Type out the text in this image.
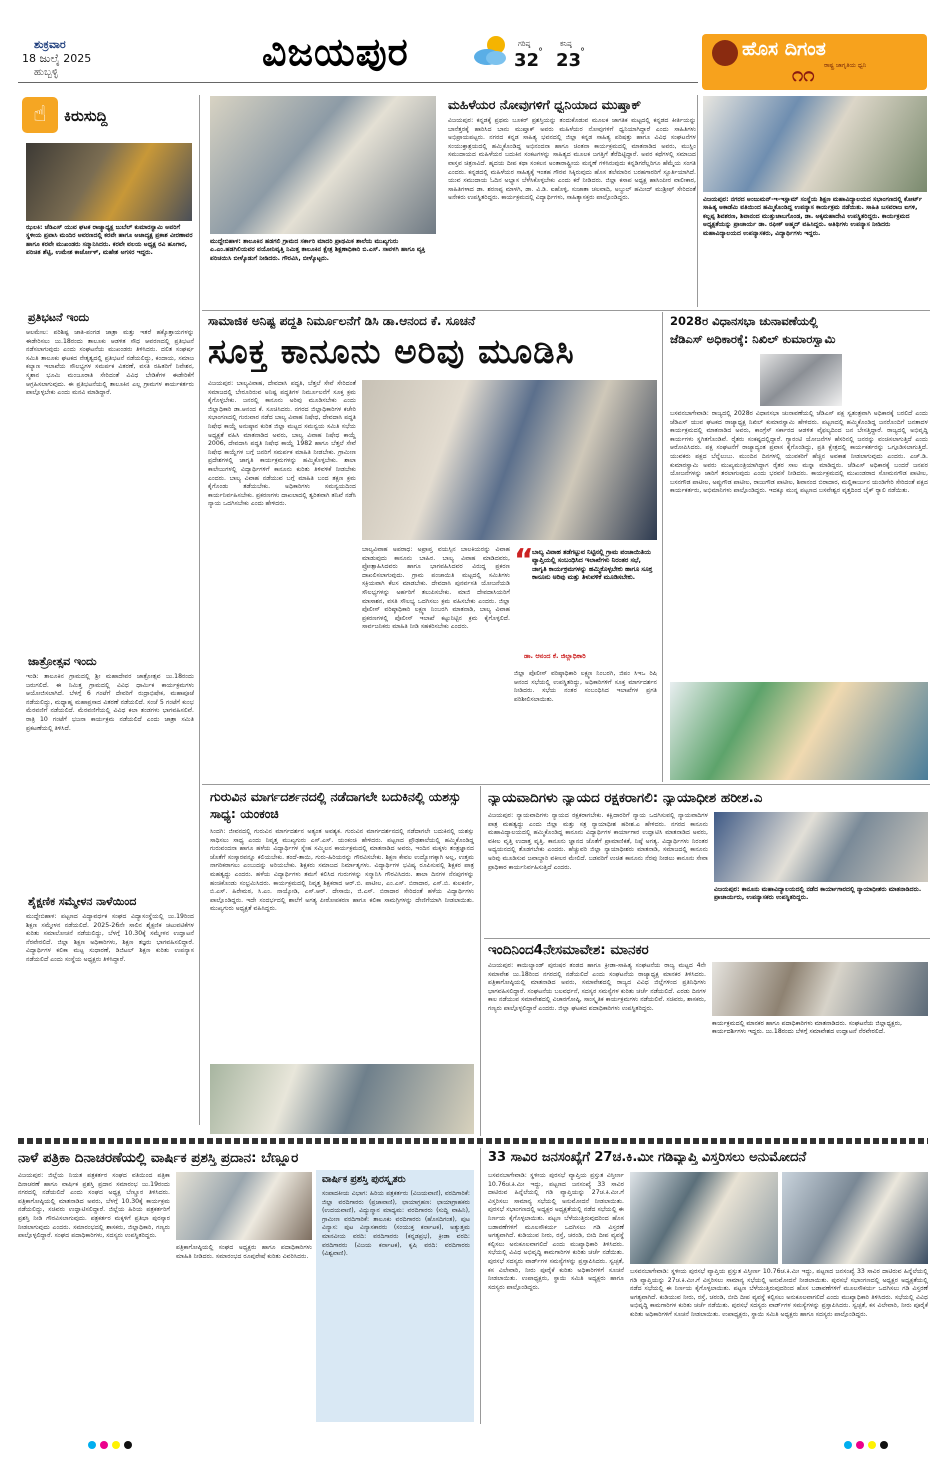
ಶುಕ್ರವಾರ
18 ಜುಲೈ 2025
ಹುಬ್ಬಳ್ಳಿ	ವಿಜಯಪುರ	ಗರಿಷ್ಠ
32
°
ಕನಿಷ್ಠ
23
°	ಹೊಸ ದಿಗಂತ
ರಾಷ್ಟ್ರ ಜಾಗೃತಿಯ ಧ್ವನಿ
೧೧
☝	ಕಿರುಸುದ್ದಿ
ಝಲಕಿ: ಜೆಡಿಎಸ್ ಯುವ ಘಟಕ ರಾಜ್ಯಾಧ್ಯಕ್ಷ ಜುಬೆಲ್ ಕುಮಾರಸ್ವಾಮಿ ಅವರಿಗೆ ಸ್ಥಳೀಯ ಪ್ರವಾಸಿ ಮಂದಿರ ಆವರಣದಲ್ಲಿ ಕರವೇ ಹಾಗೂ ಅಜಾದ್ಯಕ್ಷ ಪ್ರಕಾಶ ವೀರಣಾವರ ಹಾಗೂ ಕರವೇ ಮುಖಂಡರು ಸನ್ಮಾನಿಸಿದರು. ಕರವೇ ವಲಯ ಅಧ್ಯಕ್ಷ ರವಿ ಹೂಗಾರ, ಪರಿಚಿತ ಶೆಟ್ಟಿ, ಉಮೇಶ ಕಾರ್ಜೋಳ್, ಮಹೇಶ ಅಗಸರ ಇದ್ದರು.
ಪ್ರತಿಭಟನೆ ಇಂದು
ಆಲಮೇಲ: ಪರಿಶಿಷ್ಟ ಜಾತಿ-ಪಂಗಡ ಜಾತ್ರಾ ಮತ್ತು ಇತರೆ ಹಕ್ಕೊತ್ತಾಯಗಳನ್ನು ಈಡೇರಿಸಲು ಜು.18ರಂದು ತಾಲೂಕು ಆಡಳಿತ ಸೌಧ ಆವರಣದಲ್ಲಿ ಪ್ರತಿಭಟನೆ ನಡೆಸಲಾಗುವುದು ಎಂದು ಸಂಘಟನೆಯ ಮುಖಂಡರು ತಿಳಿಸಿದರು. ದಲಿತ ಸಂಘರ್ಷ ಸಮಿತಿ ತಾಲೂಕು ಘಟಕದ ನೇತೃತ್ವದಲ್ಲಿ ಪ್ರತಿಭಟನೆ ನಡೆಯಲಿದ್ದು, ಕಂದಾಯ, ಸಮಾಜ ಕಲ್ಯಾಣ ಇಲಾಖೆಯ ಸೌಲಭ್ಯಗಳ ಸಮರ್ಪಕ ವಿತರಣೆ, ವಸತಿ ರಹಿತರಿಗೆ ನಿವೇಶನ, ಸ್ಮಶಾನ ಭೂಮಿ ಮಂಜೂರಾತಿ ಸೇರಿದಂತೆ ವಿವಿಧ ಬೇಡಿಕೆಗಳ ಈಡೇರಿಕೆಗೆ ಆಗ್ರಹಿಸಲಾಗುವುದು. ಈ ಪ್ರತಿಭಟನೆಯಲ್ಲಿ ತಾಲೂಕಿನ ಎಲ್ಲ ಗ್ರಾಮಗಳ ಕಾರ್ಯಕರ್ತರು ಪಾಲ್ಗೊಳ್ಳಬೇಕು ಎಂದು ಮನವಿ ಮಾಡಿದ್ದಾರೆ.
ಜಾತ್ರೋತ್ಸವ ಇಂದು
ಇಂಡಿ: ತಾಲೂಕಿನ ಗ್ರಾಮದಲ್ಲಿ ಶ್ರೀ ಮಹಾದೇವರ ಜಾತ್ರೋತ್ಸವ ಜು.18ರಂದು ಜರುಗಲಿದೆ. ಈ ನಿಮಿತ್ತ ಗ್ರಾಮದಲ್ಲಿ ವಿವಿಧ ಧಾರ್ಮಿಕ ಕಾರ್ಯಕ್ರಮಗಳು ಆಯೋಜಿಸಲಾಗಿದೆ. ಬೆಳಗ್ಗೆ 6 ಗಂಟೆಗೆ ದೇವರಿಗೆ ರುದ್ರಾಭಿಷೇಕ, ಮಹಾಪೂಜೆ ನಡೆಯಲಿದ್ದು, ಮಧ್ಯಾಹ್ನ ಮಹಾಪ್ರಸಾದ ವಿತರಣೆ ನಡೆಯಲಿದೆ. ಸಂಜೆ 5 ಗಂಟೆಗೆ ಕುಂಭ ಮೆರವಣಿಗೆ ನಡೆಯಲಿದೆ. ಮೆರವಣಿಗೆಯಲ್ಲಿ ವಿವಿಧ ಕಲಾ ತಂಡಗಳು ಭಾಗವಹಿಸಲಿವೆ. ರಾತ್ರಿ 10 ಗಂಟೆಗೆ ಭಜನಾ ಕಾರ್ಯಕ್ರಮ ನಡೆಯಲಿದೆ ಎಂದು ಜಾತ್ರಾ ಸಮಿತಿ ಪ್ರಕಟಣೆಯಲ್ಲಿ ತಿಳಿಸಿದೆ.
ಶೈಕ್ಷಣಿಕ ಸಮ್ಮೇಳನ ನಾಳೆಯಿಂದ
ಮುದ್ದೇಬಿಹಾಳ: ಪಟ್ಟಣದ ವಿದ್ಯಾವರ್ಧಕ ಸಂಘದ ವಿದ್ಯಾಸಂಸ್ಥೆಯಲ್ಲಿ ಜು.19ರಿಂದ ಶಿಕ್ಷಣ ಸಮ್ಮೇಳನ ನಡೆಯಲಿದೆ. 2025-26ನೇ ಸಾಲಿನ ಶೈಕ್ಷಣಿಕ ಚಟುವಟಿಕೆಗಳ ಕುರಿತು ಸಮಾಲೋಚನೆ ನಡೆಯಲಿದ್ದು, ಬೆಳಗ್ಗೆ 10.30ಕ್ಕೆ ಸಮ್ಮೇಳನ ಉದ್ಘಾಟನೆ ನೆರವೇರಲಿದೆ. ಜಿಲ್ಲಾ ಶಿಕ್ಷಣ ಅಧಿಕಾರಿಗಳು, ಶಿಕ್ಷಣ ತಜ್ಞರು ಭಾಗವಹಿಸಲಿದ್ದಾರೆ. ವಿದ್ಯಾರ್ಥಿಗಳ ಕಲಿಕಾ ಮಟ್ಟ ಸುಧಾರಣೆ, ಡಿಜಿಟಲ್ ಶಿಕ್ಷಣ ಕುರಿತು ಉಪನ್ಯಾಸ ನಡೆಯಲಿದೆ ಎಂದು ಸಂಸ್ಥೆಯ ಅಧ್ಯಕ್ಷರು ತಿಳಿಸಿದ್ದಾರೆ.
ಮುದ್ದೇಬಿಹಾಳ: ತಾಲೂಕಿನ ಹಡಗಲಿ ಗ್ರಾಮದ ಸರ್ಕಾರಿ ಮಾದರಿ ಪ್ರಾಥಮಿಕ ಶಾಲೆಯ ಮುಖ್ಯಗುರು ಎ.ಎಂ.ಹಡಗಿಲಿಯವರ ವಯೋನಿವೃತ್ತಿ ನಿಮಿತ್ತ ತಾಲೂಕಿನ ಕ್ಷೇತ್ರ ಶಿಕ್ಷಣಾಧಿಕಾರಿ ಬಿ.ಎಸ್. ಸಾವಳಗಿ ಹಾಗೂ ವ್ಯಕ್ತಿ ಪರಿಚಯಿಸಿ ಬೀಳ್ಕೊಡುಗೆ ನೀಡಿದರು. ಗೌರವಿಸಿ, ಬೀಳ್ಕೊಟ್ಟರು.
ಮಹಿಳೆಯರ ನೋವುಗಳಿಗೆ ಧ್ವನಿಯಾದ ಮುಷ್ತಾಕ್
ವಿಜಯಪುರ: ಕನ್ನಡಕ್ಕೆ ಪ್ರಥಮ ಬೂಕರ್ ಪ್ರಶಸ್ತಿಯನ್ನು ತಂದುಕೊಡುವ ಮೂಲಕ ಜಾಗತಿಕ ಮಟ್ಟದಲ್ಲಿ ಕನ್ನಡದ ಕೀರ್ತಿಯನ್ನು ಬಾನೆತ್ತರಕ್ಕೆ ಹಾರಿಸಿದ ಬಾನು ಮುಷ್ತಾಕ್ ಅವರು ಮಹಿಳೆಯರ ನೋವುಗಳಿಗೆ ಧ್ವನಿಯಾಗಿದ್ದಾರೆ ಎಂದು ಸಾಹಿತಿಗಳು ಅಭಿಪ್ರಾಯಪಟ್ಟರು. ನಗರದ ಕನ್ನಡ ಸಾಹಿತ್ಯ ಭವನದಲ್ಲಿ ಜಿಲ್ಲಾ ಕನ್ನಡ ಸಾಹಿತ್ಯ ಪರಿಷತ್ತು ಹಾಗೂ ವಿವಿಧ ಸಂಘಟನೆಗಳ ಸಂಯುಕ್ತಾಶ್ರಯದಲ್ಲಿ ಹಮ್ಮಿಕೊಂಡಿದ್ದ ಅಭಿನಂದನಾ ಹಾಗೂ ಚಿಂತನಾ ಕಾರ್ಯಕ್ರಮದಲ್ಲಿ ಮಾತನಾಡಿದ ಅವರು, ಮುಸ್ಲಿಂ ಸಮುದಾಯದ ಮಹಿಳೆಯರ ಬದುಕಿನ ಸಂಕಟಗಳನ್ನು ಸಾಹಿತ್ಯದ ಮೂಲಕ ಜಗತ್ತಿಗೆ ತೆರೆದಿಟ್ಟಿದ್ದಾರೆ. ಅವರ ಕಥೆಗಳಲ್ಲಿ ಸಮಾಜದ ವಾಸ್ತವ ಚಿತ್ರಣವಿದೆ. ಹೃದಯ ದೀಪ ಕಥಾ ಸಂಕಲನ ಅಂತಾರಾಷ್ಟ್ರೀಯ ಮನ್ನಣೆ ಗಳಿಸಿರುವುದು ಕನ್ನಡಿಗರೆಲ್ಲರಿಗೂ ಹೆಮ್ಮೆಯ ಸಂಗತಿ ಎಂದರು. ಕನ್ನಡದಲ್ಲಿ ಮಹಿಳೆಯರ ಸಾಹಿತ್ಯಕ್ಕೆ ಇಂತಹ ಗೌರವ ಸಿಕ್ಕಿರುವುದು ಹೊಸ ತಲೆಮಾರಿನ ಬರಹಗಾರರಿಗೆ ಸ್ಫೂರ್ತಿಯಾಗಿದೆ. ಯುವ ಸಮುದಾಯ ಓದಿನ ಅಭ್ಯಾಸ ಬೆಳೆಸಿಕೊಳ್ಳಬೇಕು ಎಂದು ಕರೆ ನೀಡಿದರು. ಜಿಲ್ಲಾ ಕಸಾಪ ಅಧ್ಯಕ್ಷ ಹಾಸಿಂಪೀರ ವಾಲೀಕಾರ, ಸಾಹಿತಿಗಳಾದ ಡಾ. ಶರಣಪ್ಪ ಮಾಳಗಿ, ಡಾ. ವಿ.ಡಿ. ಐಹೊಳ್ಳಿ, ಸುಜಾತಾ ಚಲವಾದಿ, ಅಬ್ದುಲ್ ಹಮೀದ್ ಮುಶ್ರೀಫ್ ಸೇರಿದಂತೆ ಅನೇಕರು ಉಪಸ್ಥಿತರಿದ್ದರು. ಕಾರ್ಯಕ್ರಮದಲ್ಲಿ ವಿದ್ಯಾರ್ಥಿಗಳು, ಸಾಹಿತ್ಯಾಸಕ್ತರು ಪಾಲ್ಗೊಂಡಿದ್ದರು.	ವಿಜಯಪುರ: ನಗರದ ಅಂಜುಮನ್-ಇ-ಇಸ್ಲಾಮ್ ಸಂಸ್ಥೆಯ ಶಿಕ್ಷಣ ಮಹಾವಿದ್ಯಾಲಯದ ಸಭಾಂಗಣದಲ್ಲಿ ಕೋರ್ಟ್ ಸಾಹಿತ್ಯ ಅಕಾಡೆಮಿ ವತಿಯಿಂದ ಹಮ್ಮಿಕೊಂಡಿದ್ದ ಉಪನ್ಯಾಸ ಕಾರ್ಯಕ್ರಮ ನಡೆಯಿತು. ಸಾಹಿತಿ ಬಸವರಾಜ ಐಗಳಿ, ಕಲ್ಲಪ್ಪ ಶಿವಶರಣ, ಶಿವಾನಂದ ಮುತ್ತುಜಾಬಗೊಂಡ, ಡಾ. ಅಕ್ಕಮಹಾದೇವಿ ಉಪಸ್ಥಿತರಿದ್ದರು. ಕಾರ್ಯಕ್ರಮದ ಅಧ್ಯಕ್ಷತೆಯನ್ನು ಪ್ರಾಚಾರ್ಯ ಡಾ. ರಫೀಕ್ ಅಹ್ಮದ್ ವಹಿಸಿದ್ದರು. ಅತಿಥಿಗಳು ಉಪನ್ಯಾಸ ನೀಡಿದರು ಮಹಾವಿದ್ಯಾಲಯದ ಉಪನ್ಯಾಸಕರು, ವಿದ್ಯಾರ್ಥಿಗಳು ಇದ್ದರು.
ಸಾಮಾಜಿಕ ಅನಿಷ್ಟ ಪದ್ಧತಿ ನಿರ್ಮೂಲನೆಗೆ ಡಿಸಿ ಡಾ.ಆನಂದ ಕೆ. ಸೂಚನೆ
ಸೂಕ್ತ ಕಾನೂನು ಅರಿವು ಮೂಡಿಸಿ
ವಿಜಯಪುರ: ಬಾಲ್ಯವಿವಾಹ, ದೇವದಾಸಿ ಪದ್ಧತಿ, ಬೆತ್ತಲೆ ಸೇವೆ ಸೇರಿದಂತೆ ಸಮಾಜದಲ್ಲಿ ಬೇರೂರಿರುವ ಅನಿಷ್ಟ ಪದ್ಧತಿಗಳ ನಿರ್ಮೂಲನೆಗೆ ಸೂಕ್ತ ಕ್ರಮ ಕೈಗೊಳ್ಳಬೇಕು. ಜನರಲ್ಲಿ ಕಾನೂನು ಅರಿವು ಮೂಡಿಸಬೇಕು ಎಂದು ಜಿಲ್ಲಾಧಿಕಾರಿ ಡಾ.ಆನಂದ ಕೆ. ಸೂಚಿಸಿದರು. ನಗರದ ಜಿಲ್ಲಾಧಿಕಾರಿಗಳ ಕಚೇರಿ ಸಭಾಂಗಣದಲ್ಲಿ ಗುರುವಾರ ನಡೆದ ಬಾಲ್ಯ ವಿವಾಹ ನಿಷೇಧ, ದೇವದಾಸಿ ಪದ್ಧತಿ ನಿಷೇಧ ಕಾಯ್ದೆ ಅನುಷ್ಠಾನ ಕುರಿತ ಜಿಲ್ಲಾ ಮಟ್ಟದ ಸಮನ್ವಯ ಸಮಿತಿ ಸಭೆಯ ಅಧ್ಯಕ್ಷತೆ ವಹಿಸಿ ಮಾತನಾಡಿದ ಅವರು, ಬಾಲ್ಯ ವಿವಾಹ ನಿಷೇಧ ಕಾಯ್ದೆ 2006, ದೇವದಾಸಿ ಪದ್ಧತಿ ನಿಷೇಧ ಕಾಯ್ದೆ 1982 ಹಾಗೂ ಬೆತ್ತಲೆ ಸೇವೆ ನಿಷೇಧ ಕಾಯ್ದೆಗಳ ಬಗ್ಗೆ ಜನರಿಗೆ ಸಮರ್ಪಕ ಮಾಹಿತಿ ನೀಡಬೇಕು. ಗ್ರಾಮೀಣ ಪ್ರದೇಶಗಳಲ್ಲಿ ಜಾಗೃತಿ ಕಾರ್ಯಕ್ರಮಗಳನ್ನು ಹಮ್ಮಿಕೊಳ್ಳಬೇಕು. ಶಾಲಾ ಕಾಲೇಜುಗಳಲ್ಲಿ ವಿದ್ಯಾರ್ಥಿಗಳಿಗೆ ಕಾನೂನು ಕುರಿತು ತಿಳಿವಳಿಕೆ ನೀಡಬೇಕು ಎಂದರು. ಬಾಲ್ಯ ವಿವಾಹ ನಡೆಯುವ ಬಗ್ಗೆ ಮಾಹಿತಿ ಬಂದ ತಕ್ಷಣ ಕ್ರಮ ಕೈಗೊಂಡು ತಡೆಯಬೇಕು. ಅಧಿಕಾರಿಗಳು ಸಮನ್ವಯದಿಂದ ಕಾರ್ಯನಿರ್ವಹಿಸಬೇಕು. ಪ್ರಕರಣಗಳು ದಾಖಲಾದಲ್ಲಿ ತ್ವರಿತವಾಗಿ ತನಿಖೆ ನಡೆಸಿ ನ್ಯಾಯ ಒದಗಿಸಬೇಕು ಎಂದು ಹೇಳಿದರು.
ಬಾಲ್ಯವಿವಾಹ ಅಪರಾಧ: ಅಪ್ರಾಪ್ತ ವಯಸ್ಸಿನ ಬಾಲಕಿಯರನ್ನು ವಿವಾಹ ಮಾಡುವುದು ಕಾನೂನು ಬಾಹಿರ. ಬಾಲ್ಯ ವಿವಾಹ ಮಾಡಿದವರು, ಪ್ರೋತ್ಸಾಹಿಸಿದವರು ಹಾಗೂ ಭಾಗವಹಿಸಿದವರ ವಿರುದ್ಧ ಪ್ರಕರಣ ದಾಖಲಿಸಲಾಗುವುದು. ಗ್ರಾಮ ಪಂಚಾಯಿತಿ ಮಟ್ಟದಲ್ಲಿ ಸಮಿತಿಗಳು ಸಕ್ರಿಯವಾಗಿ ಕೆಲಸ ಮಾಡಬೇಕು. ದೇವದಾಸಿ ಪುನರ್ವಸತಿ ಯೋಜನೆಯಡಿ ಸೌಲಭ್ಯಗಳನ್ನು ಅರ್ಹರಿಗೆ ತಲುಪಿಸಬೇಕು. ಮಾಜಿ ದೇವದಾಸಿಯರಿಗೆ ಮಾಸಾಶನ, ವಸತಿ ಸೌಲಭ್ಯ ಒದಗಿಸಲು ಕ್ರಮ ವಹಿಸಬೇಕು ಎಂದರು. ಜಿಲ್ಲಾ ಪೊಲೀಸ್ ವರಿಷ್ಠಾಧಿಕಾರಿ ಲಕ್ಷ್ಮಣ ನಿಂಬರಗಿ ಮಾತನಾಡಿ, ಬಾಲ್ಯ ವಿವಾಹ ಪ್ರಕರಣಗಳಲ್ಲಿ ಪೊಲೀಸ್ ಇಲಾಖೆ ಕಟ್ಟುನಿಟ್ಟಿನ ಕ್ರಮ ಕೈಗೊಳ್ಳಲಿದೆ. ಸಾರ್ವಜನಿಕರು ಮಾಹಿತಿ ನೀಡಿ ಸಹಕರಿಸಬೇಕು ಎಂದರು.
“
ಬಾಲ್ಯ ವಿವಾಹ ತಡೆಗಟ್ಟುವ ನಿಟ್ಟಿನಲ್ಲಿ ಗ್ರಾಮ ಪಂಚಾಯಿತಿಯ ವ್ಯಾಪ್ತಿಯಲ್ಲಿ ಸಂಬಂಧಿಸಿದ ಇಲಾಖೆಗಳು ನಿರಂತರ ಸಭೆ, ಜಾಗೃತಿ ಕಾರ್ಯಕ್ರಮಗಳನ್ನು ಹಮ್ಮಿಕೊಳ್ಳಬೇಕು ಹಾಗೂ ಸೂಕ್ತ ಕಾನೂನು ಅರಿವು ಮತ್ತು ತಿಳುವಳಿಕೆ ಮೂಡಿಸಬೇಕು.
ಡಾ. ಆನಂದ ಕೆ. ಜಿಲ್ಲಾಧಿಕಾರಿ
ಜಿಲ್ಲಾ ಪೊಲೀಸ್ ವರಿಷ್ಠಾಧಿಕಾರಿ ಲಕ್ಷ್ಮಣ ನಿಂಬರಗಿ, ಜಿಪಂ ಸಿಇಒ ರಿಷಿ ಆನಂದ ಸಭೆಯಲ್ಲಿ ಉಪಸ್ಥಿತರಿದ್ದು, ಅಧಿಕಾರಿಗಳಿಗೆ ಸೂಕ್ತ ಮಾರ್ಗದರ್ಶನ ನೀಡಿದರು. ಸಭೆಯ ನಂತರ ಸಂಬಂಧಿಸಿದ ಇಲಾಖೆಗಳ ಪ್ರಗತಿ ಪರಿಶೀಲಿಸಲಾಯಿತು.
2028ರ ವಿಧಾನಸಭಾ ಚುನಾವಣೆಯಲ್ಲಿ
ಜೆಡಿಎಸ್ ಅಧಿಕಾರಕ್ಕೆ: ನಿಖಿಲ್ ಕುಮಾರಸ್ವಾಮಿ
ಬಸವನಬಾಗೇವಾಡಿ: ರಾಜ್ಯದಲ್ಲಿ 2028ರ ವಿಧಾನಸಭಾ ಚುನಾವಣೆಯಲ್ಲಿ ಜೆಡಿಎಸ್ ಪಕ್ಷ ಸ್ವತಂತ್ರವಾಗಿ ಅಧಿಕಾರಕ್ಕೆ ಬರಲಿದೆ ಎಂದು ಜೆಡಿಎಸ್ ಯುವ ಘಟಕದ ರಾಜ್ಯಾಧ್ಯಕ್ಷ ನಿಖಿಲ್ ಕುಮಾರಸ್ವಾಮಿ ಹೇಳಿದರು. ಪಟ್ಟಣದಲ್ಲಿ ಹಮ್ಮಿಕೊಂಡಿದ್ದ ಜನರೊಂದಿಗೆ ಜನತಾದಳ ಕಾರ್ಯಕ್ರಮದಲ್ಲಿ ಮಾತನಾಡಿದ ಅವರು, ಕಾಂಗ್ರೆಸ್ ಸರ್ಕಾರದ ಆಡಳಿತ ವೈಫಲ್ಯದಿಂದ ಜನ ಬೇಸತ್ತಿದ್ದಾರೆ. ರಾಜ್ಯದಲ್ಲಿ ಅಭಿವೃದ್ಧಿ ಕಾರ್ಯಗಳು ಸ್ಥಗಿತಗೊಂಡಿವೆ. ರೈತರು ಸಂಕಷ್ಟದಲ್ಲಿದ್ದಾರೆ. ಗ್ಯಾರಂಟಿ ಯೋಜನೆಗಳ ಹೆಸರಿನಲ್ಲಿ ಜನರನ್ನು ವಂಚಿಸಲಾಗುತ್ತಿದೆ ಎಂದು ಆರೋಪಿಸಿದರು. ಪಕ್ಷ ಸಂಘಟನೆಗೆ ರಾಜ್ಯಾದ್ಯಂತ ಪ್ರವಾಸ ಕೈಗೊಂಡಿದ್ದು, ಪ್ರತಿ ಕ್ಷೇತ್ರದಲ್ಲಿ ಕಾರ್ಯಕರ್ತರನ್ನು ಒಗ್ಗೂಡಿಸಲಾಗುತ್ತಿದೆ. ಯುವಕರು ಪಕ್ಷದ ಬೆನ್ನೆಲುಬು. ಮುಂದಿನ ದಿನಗಳಲ್ಲಿ ಯುವಕರಿಗೆ ಹೆಚ್ಚಿನ ಅವಕಾಶ ನೀಡಲಾಗುವುದು ಎಂದರು. ಎಚ್.ಡಿ. ಕುಮಾರಸ್ವಾಮಿ ಅವರು ಮುಖ್ಯಮಂತ್ರಿಯಾಗಿದ್ದಾಗ ರೈತರ ಸಾಲ ಮನ್ನಾ ಮಾಡಿದ್ದರು. ಜೆಡಿಎಸ್ ಅಧಿಕಾರಕ್ಕೆ ಬಂದರೆ ಜನಪರ ಯೋಜನೆಗಳನ್ನು ಜಾರಿಗೆ ತರಲಾಗುವುದು ಎಂದು ಭರವಸೆ ನೀಡಿದರು. ಕಾರ್ಯಕ್ರಮದಲ್ಲಿ ಮುಖಂಡರಾದ ಸೋಮನಗೌಡ ಪಾಟೀಲ, ಬಸನಗೌಡ ಪಾಟೀಲ, ಅಪ್ಪುಗೌಡ ಪಾಟೀಲ, ರಾಜುಗೌಡ ಪಾಟೀಲ, ಶಿವಾನಂದ ಬಿರಾದಾರ, ಮಲ್ಲಿಕಾರ್ಜುನ ಯಂಡಿಗೇರಿ ಸೇರಿದಂತೆ ಪಕ್ಷದ ಕಾರ್ಯಕರ್ತರು, ಅಭಿಮಾನಿಗಳು ಪಾಲ್ಗೊಂಡಿದ್ದರು. ಇದಕ್ಕೂ ಮುನ್ನ ಪಟ್ಟಣದ ಬಸವೇಶ್ವರ ವೃತ್ತದಿಂದ ಬೈಕ್ ರ‍್ಯಾಲಿ ನಡೆಯಿತು.
ಗುರುವಿನ ಮಾರ್ಗದರ್ಶನದಲ್ಲಿ ನಡೆದಾಗಲೇ ಬದುಕಿನಲ್ಲಿ ಯಶಸ್ಸು ಸಾಧ್ಯ: ಯಂಕಂಚಿ
ಸಿಂದಗಿ: ಜೀವನದಲ್ಲಿ ಗುರುವಿನ ಮಾರ್ಗದರ್ಶನ ಅತ್ಯಂತ ಅವಶ್ಯಕ. ಗುರುವಿನ ಮಾರ್ಗದರ್ಶನದಲ್ಲಿ ನಡೆದಾಗಲೇ ಬದುಕಿನಲ್ಲಿ ಯಶಸ್ಸು ಸಾಧಿಸಲು ಸಾಧ್ಯ ಎಂದು ನಿವೃತ್ತ ಮುಖ್ಯಗುರು ಎಸ್.ಎಸ್. ಯಂಕಂಚಿ ಹೇಳಿದರು. ಪಟ್ಟಣದ ಪ್ರೌಢಶಾಲೆಯಲ್ಲಿ ಹಮ್ಮಿಕೊಂಡಿದ್ದ ಗುರುವಂದನಾ ಹಾಗೂ ಹಳೆಯ ವಿದ್ಯಾರ್ಥಿಗಳ ಸ್ನೇಹ ಸಮ್ಮಿಲನ ಕಾರ್ಯಕ್ರಮದಲ್ಲಿ ಮಾತನಾಡಿದ ಅವರು, ಇಂದಿನ ಮಕ್ಕಳು ತಂತ್ರಜ್ಞಾನದ ಜೊತೆಗೆ ಸಂಸ್ಕಾರವನ್ನೂ ಕಲಿಯಬೇಕು. ತಂದೆ-ತಾಯಿ, ಗುರು-ಹಿರಿಯರನ್ನು ಗೌರವಿಸಬೇಕು. ಶಿಕ್ಷಣ ಕೇವಲ ಉದ್ಯೋಗಕ್ಕಾಗಿ ಅಲ್ಲ, ಉತ್ತಮ ನಾಗರಿಕರಾಗಲು ಎಂಬುದನ್ನು ಅರಿಯಬೇಕು. ಶಿಕ್ಷಕರು ಸಮಾಜದ ನಿರ್ಮಾತೃಗಳು. ವಿದ್ಯಾರ್ಥಿಗಳ ಭವಿಷ್ಯ ರೂಪಿಸುವಲ್ಲಿ ಶಿಕ್ಷಕರ ಪಾತ್ರ ಮಹತ್ವದ್ದು ಎಂದರು. ಹಳೆಯ ವಿದ್ಯಾರ್ಥಿಗಳು ತಮಗೆ ಕಲಿಸಿದ ಗುರುಗಳನ್ನು ಸನ್ಮಾನಿಸಿ ಗೌರವಿಸಿದರು. ಶಾಲಾ ದಿನಗಳ ನೆನಪುಗಳನ್ನು ಹಂಚಿಕೊಂಡು ಸಂಭ್ರಮಿಸಿದರು. ಕಾರ್ಯಕ್ರಮದಲ್ಲಿ ನಿವೃತ್ತ ಶಿಕ್ಷಕರಾದ ಆರ್.ಬಿ. ಪಾಟೀಲ, ಎಂ.ಎಸ್. ಬಿರಾದಾರ, ಎಸ್.ಬಿ. ಕುಲಕರ್ಣಿ, ಬಿ.ಎಸ್. ಹಿರೇಮಠ, ಸಿ.ಎಂ. ನಾಯ್ಕೋಡಿ, ಎಸ್.ಆರ್. ದೇಸಾಯಿ, ಜಿ.ಎಸ್. ಬಿರಾದಾರ ಸೇರಿದಂತೆ ಹಳೆಯ ವಿದ್ಯಾರ್ಥಿಗಳು ಪಾಲ್ಗೊಂಡಿದ್ದರು. ಇದೇ ಸಂದರ್ಭದಲ್ಲಿ ಶಾಲೆಗೆ ಅಗತ್ಯ ಪೀಠೋಪಕರಣ ಹಾಗೂ ಕಲಿಕಾ ಸಾಮಗ್ರಿಗಳನ್ನು ದೇಣಿಗೆಯಾಗಿ ನೀಡಲಾಯಿತು. ಮುಖ್ಯಗುರು ಅಧ್ಯಕ್ಷತೆ ವಹಿಸಿದ್ದರು.
ನ್ಯಾಯವಾದಿಗಳು ನ್ಯಾಯದ ರಕ್ಷಕರಾಗಲಿ: ನ್ಯಾಯಾಧೀಶ ಹರೀಶ.ಎ
ವಿಜಯಪುರ: ನ್ಯಾಯವಾದಿಗಳು ನ್ಯಾಯದ ರಕ್ಷಕರಾಗಬೇಕು. ಕಕ್ಷಿದಾರರಿಗೆ ನ್ಯಾಯ ಒದಗಿಸುವಲ್ಲಿ ನ್ಯಾಯವಾದಿಗಳ ಪಾತ್ರ ಮಹತ್ವದ್ದು ಎಂದು ಜಿಲ್ಲಾ ಮತ್ತು ಸತ್ರ ನ್ಯಾಯಾಧೀಶ ಹರೀಶ.ಎ ಹೇಳಿದರು. ನಗರದ ಕಾನೂನು ಮಹಾವಿದ್ಯಾಲಯದಲ್ಲಿ ಹಮ್ಮಿಕೊಂಡಿದ್ದ ಕಾನೂನು ವಿದ್ಯಾರ್ಥಿಗಳ ಕಾರ್ಯಾಗಾರ ಉದ್ಘಾಟಿಸಿ ಮಾತನಾಡಿದ ಅವರು, ವಕೀಲ ವೃತ್ತಿ ಉದಾತ್ತ ವೃತ್ತಿ. ಕಾನೂನು ಜ್ಞಾನದ ಜೊತೆಗೆ ಪ್ರಾಮಾಣಿಕತೆ, ನಿಷ್ಠೆ ಅಗತ್ಯ. ವಿದ್ಯಾರ್ಥಿಗಳು ನಿರಂತರ ಅಧ್ಯಯನದಲ್ಲಿ ತೊಡಗಬೇಕು ಎಂದರು. ಹೆಚ್ಚುವರಿ ಜಿಲ್ಲಾ ನ್ಯಾಯಾಧೀಶರು ಮಾತನಾಡಿ, ಸಮಾಜದಲ್ಲಿ ಕಾನೂನು ಅರಿವು ಮೂಡಿಸುವ ಜವಾಬ್ದಾರಿ ವಕೀಲರ ಮೇಲಿದೆ. ಬಡವರಿಗೆ ಉಚಿತ ಕಾನೂನು ನೆರವು ನೀಡಲು ಕಾನೂನು ಸೇವಾ ಪ್ರಾಧಿಕಾರ ಕಾರ್ಯನಿರ್ವಹಿಸುತ್ತಿದೆ ಎಂದರು.
ವಿಜಯಪುರ: ಕಾನೂನು ಮಹಾವಿದ್ಯಾಲಯದಲ್ಲಿ ನಡೆದ ಕಾರ್ಯಾಗಾರದಲ್ಲಿ ನ್ಯಾಯಾಧೀಶರು ಮಾತನಾಡಿದರು. ಪ್ರಾಚಾರ್ಯರು, ಉಪನ್ಯಾಸಕರು ಉಪಸ್ಥಿತರಿದ್ದರು.
ಇಂದಿನಿಂದ4ನೇಸಮಾವೇಶ: ಮಾನಕರ
ವಿಜಯಪುರ: ಕಾಯಿಲ್ಯಾಂಡ್ ಪುರುಷರ ತಂಡದ ಹಾಗೂ ಕ್ರೀಡಾ-ಸಾಹಿತ್ಯ ಸಂಘಟನೆಯ ರಾಜ್ಯ ಮಟ್ಟದ 4ನೇ ಸಮಾವೇಶ ಜು.18ರಿಂದ ನಗರದಲ್ಲಿ ನಡೆಯಲಿದೆ ಎಂದು ಸಂಘಟನೆಯ ರಾಜ್ಯಾಧ್ಯಕ್ಷ ಮಾನಕರ ತಿಳಿಸಿದರು. ಪತ್ರಿಕಾಗೋಷ್ಠಿಯಲ್ಲಿ ಮಾತನಾಡಿದ ಅವರು, ಸಮಾವೇಶದಲ್ಲಿ ರಾಜ್ಯದ ವಿವಿಧ ಜಿಲ್ಲೆಗಳಿಂದ ಪ್ರತಿನಿಧಿಗಳು ಭಾಗವಹಿಸಲಿದ್ದಾರೆ. ಸಂಘಟನೆಯ ಬಲವರ್ಧನೆ, ಸದಸ್ಯರ ಸಮಸ್ಯೆಗಳ ಕುರಿತು ಚರ್ಚೆ ನಡೆಯಲಿದೆ. ಎರಡು ದಿನಗಳ ಕಾಲ ನಡೆಯುವ ಸಮಾವೇಶದಲ್ಲಿ ವಿಚಾರಗೋಷ್ಠಿ, ಸಾಂಸ್ಕೃತಿಕ ಕಾರ್ಯಕ್ರಮಗಳು ನಡೆಯಲಿವೆ. ಸಚಿವರು, ಶಾಸಕರು, ಗಣ್ಯರು ಪಾಲ್ಗೊಳ್ಳಲಿದ್ದಾರೆ ಎಂದರು. ಜಿಲ್ಲಾ ಘಟಕದ ಪದಾಧಿಕಾರಿಗಳು ಉಪಸ್ಥಿತರಿದ್ದರು.
ಕಾರ್ಯಕ್ರಮದಲ್ಲಿ ಮಾನಕರ ಹಾಗೂ ಪದಾಧಿಕಾರಿಗಳು ಮಾತನಾಡಿದರು. ಸಂಘಟನೆಯ ಜಿಲ್ಲಾಧ್ಯಕ್ಷರು, ಕಾರ್ಯದರ್ಶಿಗಳು ಇದ್ದರು. ಜು.18ರಂದು ಬೆಳಗ್ಗೆ ಸಮಾವೇಶದ ಉದ್ಘಾಟನೆ ನೆರವೇರಲಿದೆ.
ನಾಳೆ ಪತ್ರಿಕಾ ದಿನಾಚರಣೆಯಲ್ಲಿ ವಾರ್ಷಿಕ ಪ್ರಶಸ್ತಿ ಪ್ರದಾನ: ಬೆಣ್ಣೂರ
ವಿಜಯಪುರ: ಜಿಲ್ಲೆಯ ನಿಯತ ಪತ್ರಕರ್ತರ ಸಂಘದ ವತಿಯಿಂದ ಪತ್ರಿಕಾ ದಿನಾಚರಣೆ ಹಾಗೂ ವಾರ್ಷಿಕ ಪ್ರಶಸ್ತಿ ಪ್ರದಾನ ಸಮಾರಂಭ ಜು.19ರಂದು ನಗರದಲ್ಲಿ ನಡೆಯಲಿದೆ ಎಂದು ಸಂಘದ ಅಧ್ಯಕ್ಷ ಬೆಣ್ಣೂರ ತಿಳಿಸಿದರು. ಪತ್ರಿಕಾಗೋಷ್ಠಿಯಲ್ಲಿ ಮಾತನಾಡಿದ ಅವರು, ಬೆಳಗ್ಗೆ 10.30ಕ್ಕೆ ಕಾರ್ಯಕ್ರಮ ನಡೆಯಲಿದ್ದು, ಸಚಿವರು ಉದ್ಘಾಟಿಸಲಿದ್ದಾರೆ. ಜಿಲ್ಲೆಯ ಹಿರಿಯ ಪತ್ರಕರ್ತರಿಗೆ ಪ್ರಶಸ್ತಿ ನೀಡಿ ಗೌರವಿಸಲಾಗುವುದು. ಪತ್ರಕರ್ತರ ಮಕ್ಕಳಿಗೆ ಪ್ರತಿಭಾ ಪುರಸ್ಕಾರ ನೀಡಲಾಗುವುದು ಎಂದರು. ಸಮಾರಂಭದಲ್ಲಿ ಶಾಸಕರು, ಜಿಲ್ಲಾಧಿಕಾರಿ, ಗಣ್ಯರು ಪಾಲ್ಗೊಳ್ಳಲಿದ್ದಾರೆ. ಸಂಘದ ಪದಾಧಿಕಾರಿಗಳು, ಸದಸ್ಯರು ಉಪಸ್ಥಿತರಿದ್ದರು.
ಪತ್ರಿಕಾಗೋಷ್ಠಿಯಲ್ಲಿ ಸಂಘದ ಅಧ್ಯಕ್ಷರು ಹಾಗೂ ಪದಾಧಿಕಾರಿಗಳು ಮಾಹಿತಿ ನೀಡಿದರು. ಸಮಾರಂಭದ ರೂಪುರೇಷೆ ಕುರಿತು ವಿವರಿಸಿದರು.
ವಾರ್ಷಿಕ ಪ್ರಶಸ್ತಿ ಪುರಸ್ಕೃತರು
ಸಂಪಾದಕೀಯ ವಿಭಾಗ: ಹಿರಿಯ ಪತ್ರಕರ್ತರು (ವಿಜಯವಾಣಿ), ವರದಿಗಾರಿಕೆ: ಜಿಲ್ಲಾ ವರದಿಗಾರರು (ಪ್ರಜಾವಾಣಿ), ಛಾಯಾಗ್ರಹಣ: ಛಾಯಾಗ್ರಾಹಕರು (ಉದಯವಾಣಿ), ವಿದ್ಯುನ್ಮಾನ ಮಾಧ್ಯಮ: ವರದಿಗಾರರು (ಸುದ್ದಿ ವಾಹಿನಿ), ಗ್ರಾಮೀಣ ವರದಿಗಾರಿಕೆ: ತಾಲೂಕು ವರದಿಗಾರರು (ಹೊಸದಿಗಂತ), ಪುಟ ವಿನ್ಯಾಸ: ಪುಟ ವಿನ್ಯಾಸಕಾರರು (ಸಂಯುಕ್ತ ಕರ್ನಾಟಕ), ಅತ್ಯುತ್ತಮ ಮಾನವೀಯ ವರದಿ: ವರದಿಗಾರರು (ಕನ್ನಡಪ್ರಭ), ಕ್ರೀಡಾ ವರದಿ: ವರದಿಗಾರರು (ವಿಜಯ ಕರ್ನಾಟಕ), ಕೃಷಿ ವರದಿ: ವರದಿಗಾರರು (ವಿಶ್ವವಾಣಿ).
33 ಸಾವಿರ ಜನಸಂಖ್ಯೆಗೆ 27ಚ.ಕಿ.ಮೀ ಗಡಿವ್ಯಾಪ್ತಿ ವಿಸ್ತರಿಸಲು ಅನುಮೋದನೆ
ಬಸವನಬಾಗೇವಾಡಿ: ಸ್ಥಳೀಯ ಪುರಸಭೆ ವ್ಯಾಪ್ತಿಯ ಪ್ರಸ್ತುತ ವಿಸ್ತೀರ್ಣ 10.76ಚ.ಕಿ.ಮೀ ಇದ್ದು, ಪಟ್ಟಣದ ಜನಸಂಖ್ಯೆ 33 ಸಾವಿರ ದಾಟಿರುವ ಹಿನ್ನೆಲೆಯಲ್ಲಿ ಗಡಿ ವ್ಯಾಪ್ತಿಯನ್ನು 27ಚ.ಕಿ.ಮೀ.ಗೆ ವಿಸ್ತರಿಸಲು ಸಾಮಾನ್ಯ ಸಭೆಯಲ್ಲಿ ಅನುಮೋದನೆ ನೀಡಲಾಯಿತು. ಪುರಸಭೆ ಸಭಾಂಗಣದಲ್ಲಿ ಅಧ್ಯಕ್ಷರ ಅಧ್ಯಕ್ಷತೆಯಲ್ಲಿ ನಡೆದ ಸಭೆಯಲ್ಲಿ ಈ ನಿರ್ಣಯ ಕೈಗೊಳ್ಳಲಾಯಿತು. ಪಟ್ಟಣ ಬೆಳೆಯುತ್ತಿರುವುದರಿಂದ ಹೊಸ ಬಡಾವಣೆಗಳಿಗೆ ಮೂಲಸೌಕರ್ಯ ಒದಗಿಸಲು ಗಡಿ ವಿಸ್ತರಣೆ ಅಗತ್ಯವಾಗಿದೆ. ಕುಡಿಯುವ ನೀರು, ರಸ್ತೆ, ಚರಂಡಿ, ಬೀದಿ ದೀಪ ವ್ಯವಸ್ಥೆ ಕಲ್ಪಿಸಲು ಅನುಕೂಲವಾಗಲಿದೆ ಎಂದು ಮುಖ್ಯಾಧಿಕಾರಿ ತಿಳಿಸಿದರು. ಸಭೆಯಲ್ಲಿ ವಿವಿಧ ಅಭಿವೃದ್ಧಿ ಕಾಮಗಾರಿಗಳ ಕುರಿತು ಚರ್ಚೆ ನಡೆಯಿತು. ಪುರಸಭೆ ಸದಸ್ಯರು ವಾರ್ಡ್‌ಗಳ ಸಮಸ್ಯೆಗಳನ್ನು ಪ್ರಸ್ತಾಪಿಸಿದರು. ಸ್ವಚ್ಛತೆ, ಕಸ ವಿಲೇವಾರಿ, ನೀರು ಪೂರೈಕೆ ಕುರಿತು ಅಧಿಕಾರಿಗಳಿಗೆ ಸೂಚನೆ ನೀಡಲಾಯಿತು. ಉಪಾಧ್ಯಕ್ಷರು, ಸ್ಥಾಯಿ ಸಮಿತಿ ಅಧ್ಯಕ್ಷರು ಹಾಗೂ ಸದಸ್ಯರು ಪಾಲ್ಗೊಂಡಿದ್ದರು.
ಬಸವನಬಾಗೇವಾಡಿ: ಸ್ಥಳೀಯ ಪುರಸಭೆ ವ್ಯಾಪ್ತಿಯ ಪ್ರಸ್ತುತ ವಿಸ್ತೀರ್ಣ 10.76ಚ.ಕಿ.ಮೀ ಇದ್ದು, ಪಟ್ಟಣದ ಜನಸಂಖ್ಯೆ 33 ಸಾವಿರ ದಾಟಿರುವ ಹಿನ್ನೆಲೆಯಲ್ಲಿ ಗಡಿ ವ್ಯಾಪ್ತಿಯನ್ನು 27ಚ.ಕಿ.ಮೀ.ಗೆ ವಿಸ್ತರಿಸಲು ಸಾಮಾನ್ಯ ಸಭೆಯಲ್ಲಿ ಅನುಮೋದನೆ ನೀಡಲಾಯಿತು. ಪುರಸಭೆ ಸಭಾಂಗಣದಲ್ಲಿ ಅಧ್ಯಕ್ಷರ ಅಧ್ಯಕ್ಷತೆಯಲ್ಲಿ ನಡೆದ ಸಭೆಯಲ್ಲಿ ಈ ನಿರ್ಣಯ ಕೈಗೊಳ್ಳಲಾಯಿತು. ಪಟ್ಟಣ ಬೆಳೆಯುತ್ತಿರುವುದರಿಂದ ಹೊಸ ಬಡಾವಣೆಗಳಿಗೆ ಮೂಲಸೌಕರ್ಯ ಒದಗಿಸಲು ಗಡಿ ವಿಸ್ತರಣೆ ಅಗತ್ಯವಾಗಿದೆ. ಕುಡಿಯುವ ನೀರು, ರಸ್ತೆ, ಚರಂಡಿ, ಬೀದಿ ದೀಪ ವ್ಯವಸ್ಥೆ ಕಲ್ಪಿಸಲು ಅನುಕೂಲವಾಗಲಿದೆ ಎಂದು ಮುಖ್ಯಾಧಿಕಾರಿ ತಿಳಿಸಿದರು. ಸಭೆಯಲ್ಲಿ ವಿವಿಧ ಅಭಿವೃದ್ಧಿ ಕಾಮಗಾರಿಗಳ ಕುರಿತು ಚರ್ಚೆ ನಡೆಯಿತು. ಪುರಸಭೆ ಸದಸ್ಯರು ವಾರ್ಡ್‌ಗಳ ಸಮಸ್ಯೆಗಳನ್ನು ಪ್ರಸ್ತಾಪಿಸಿದರು. ಸ್ವಚ್ಛತೆ, ಕಸ ವಿಲೇವಾರಿ, ನೀರು ಪೂರೈಕೆ ಕುರಿತು ಅಧಿಕಾರಿಗಳಿಗೆ ಸೂಚನೆ ನೀಡಲಾಯಿತು. ಉಪಾಧ್ಯಕ್ಷರು, ಸ್ಥಾಯಿ ಸಮಿತಿ ಅಧ್ಯಕ್ಷರು ಹಾಗೂ ಸದಸ್ಯರು ಪಾಲ್ಗೊಂಡಿದ್ದರು.
